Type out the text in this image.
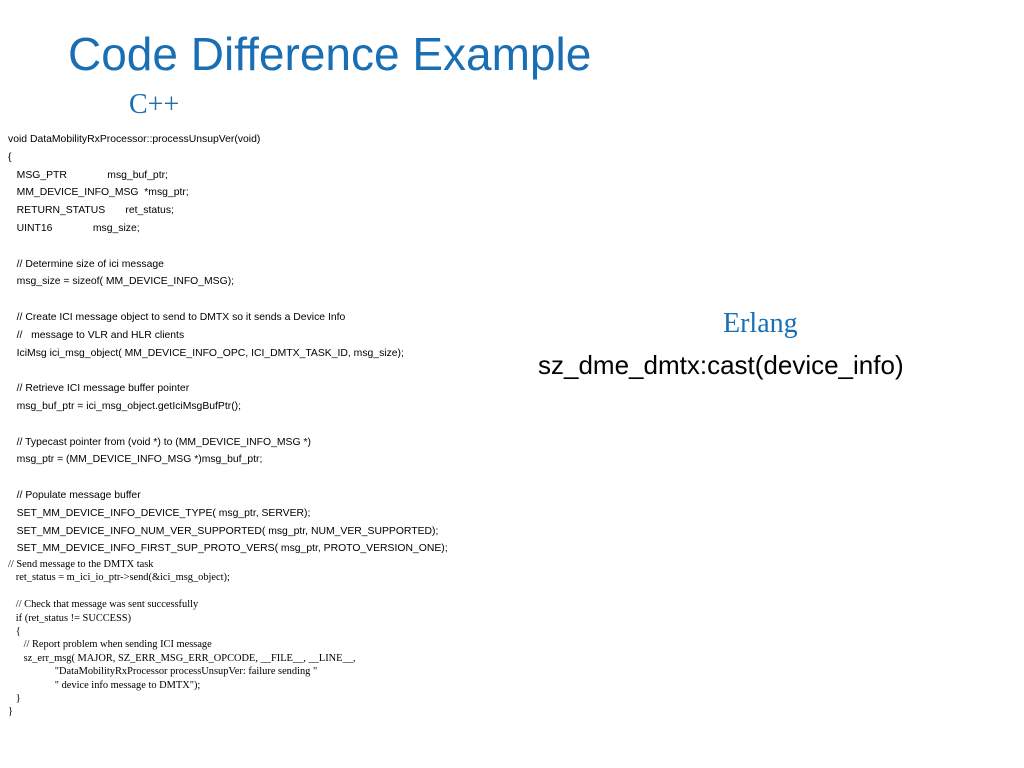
Code Difference Example
C++
void DataMobilityRxProcessor::processUnsupVer(void)
{
MSG_PTR              msg_buf_ptr;
MM_DEVICE_INFO_MSG  *msg_ptr;
RETURN_STATUS       ret_status;
UINT16              msg_size;
// Determine size of ici message
msg_size = sizeof( MM_DEVICE_INFO_MSG);
// Create ICI message object to send to DMTX so it sends a Device Info
//   message to VLR and HLR clients
IciMsg ici_msg_object( MM_DEVICE_INFO_OPC, ICI_DMTX_TASK_ID, msg_size);
// Retrieve ICI message buffer pointer
msg_buf_ptr = ici_msg_object.getIciMsgBufPtr();
// Typecast pointer from (void *) to (MM_DEVICE_INFO_MSG *)
msg_ptr = (MM_DEVICE_INFO_MSG *)msg_buf_ptr;
// Populate message buffer
SET_MM_DEVICE_INFO_DEVICE_TYPE( msg_ptr, SERVER);
SET_MM_DEVICE_INFO_NUM_VER_SUPPORTED( msg_ptr, NUM_VER_SUPPORTED);
SET_MM_DEVICE_INFO_FIRST_SUP_PROTO_VERS( msg_ptr, PROTO_VERSION_ONE);
// Send message to the DMTX task
ret_status = m_ici_io_ptr->send(&ici_msg_object);
// Check that message was sent successfully
if (ret_status != SUCCESS)
{
// Report problem when sending ICI message
sz_err_msg( MAJOR, SZ_ERR_MSG_ERR_OPCODE, __FILE__, __LINE__,
"DataMobilityRxProcessor processUnsupVer: failure sending "
" device info message to DMTX");
}
}
Erlang
sz_dme_dmtx:cast(device_info)
